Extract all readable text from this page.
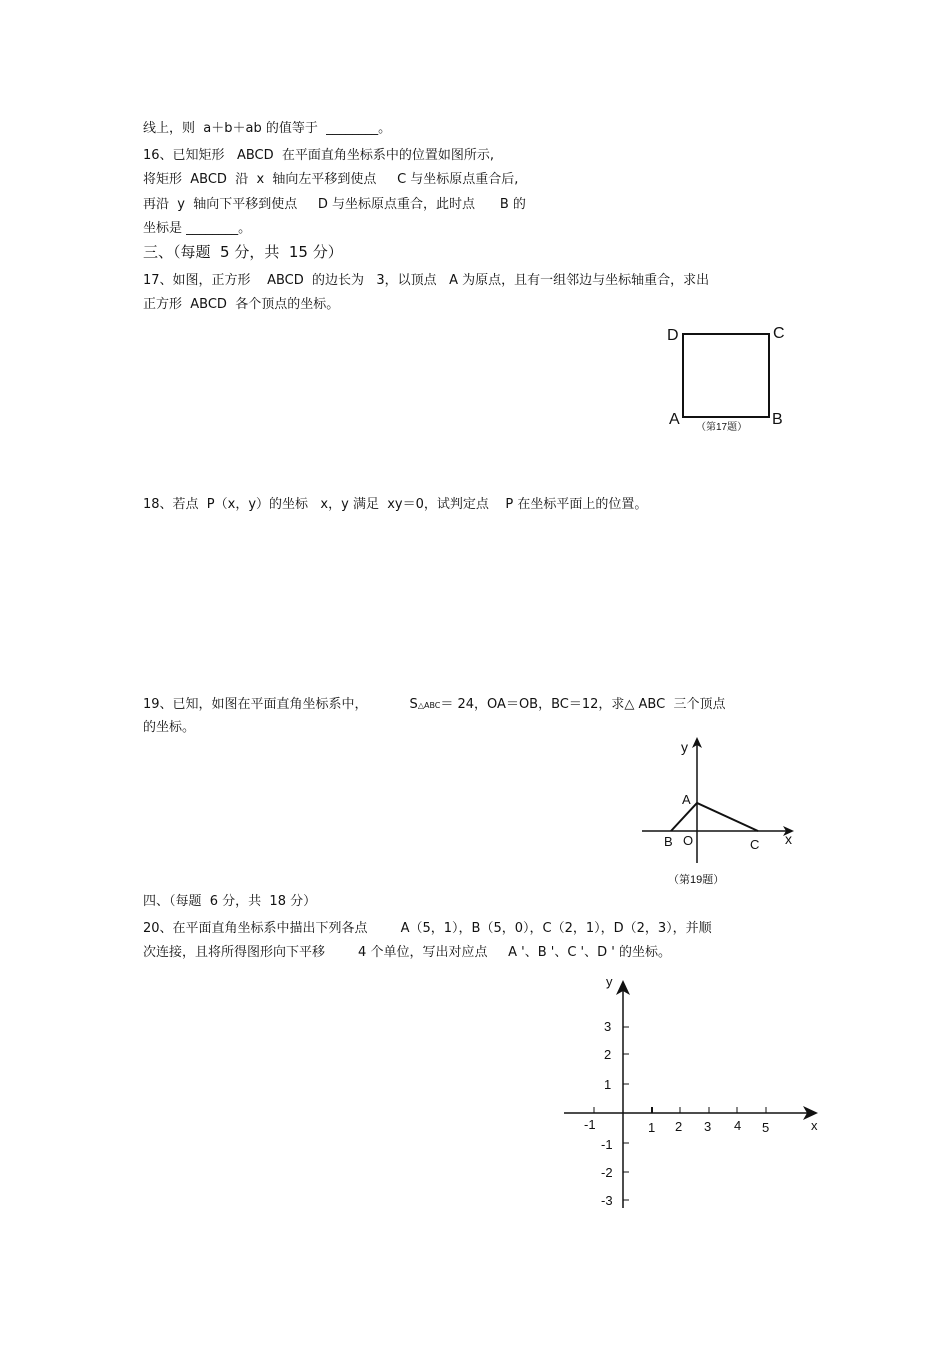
线上，则  a＋b＋ab 的值等于  ________。
16、已知矩形   ABCD  在平面直角坐标系中的位置如图所示,
将矩形  ABCD  沿  x  轴向左平移到使点     C 与坐标原点重合后,
再沿  y  轴向下平移到使点     D 与坐标原点重合，此时点      B 的
坐标是 ________。
三、（每题  5 分，共  15 分）
17、如图，正方形    ABCD  的边长为   3，以顶点   A 为原点，且有一组邻边与坐标轴重合，求出
正方形  ABCD  各个顶点的坐标。
D	C
A	B
（第17题）
18、若点  P（x，y）的坐标   x，y 满足  xy＝0，试判定点    P 在坐标平面上的位置。
19、已知，如图在平面直角坐标系中，	S△ABC＝ 24，OA＝OB，BC＝12，求△ ABC  三个顶点
的坐标。
y
x
A
B O	C
（第19题）
四、（每题  6 分，共  18 分）
20、在平面直角坐标系中描出下列各点        A（5，1），B（5，0），C（2，1），D（2，3），并顺
次连接，且将所得图形向下平移        4 个单位，写出对应点     A '、B '、C '、D ' 的坐标。
y
x
-1	1 2 3 4 5
3
2
1
-1
-2
-3
